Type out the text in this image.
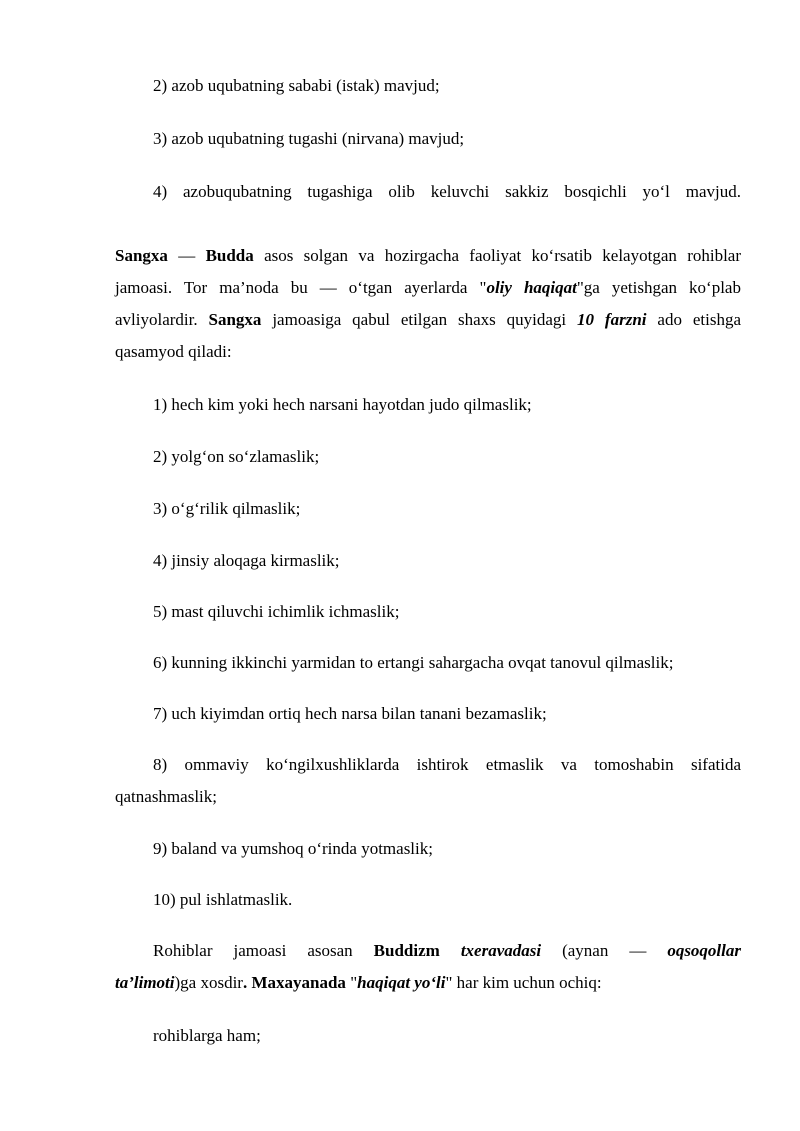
2) azob uqubatning sababi (istak) mavjud;
3) azob uqubatning tugashi (nirvana) mavjud;
4) azobuqubatning tugashiga olib keluvchi sakkiz bosqichli yo‘l mavjud.
Sangxa — Budda asos solgan va hozirgacha faoliyat ko‘rsatib kelayotgan rohiblar
jamoasi. Tor ma’noda bu — o‘tgan ayerlarda "oliy haqiqat"ga yetishgan ko‘plab
avliyolardir. Sangxa jamoasiga qabul etilgan shaxs quyidagi 10 farzni ado etishga
qasamyod qiladi:
1) hech kim yoki hech narsani hayotdan judo qilmaslik;
2) yolg‘on so‘zlamaslik;
3) o‘g‘rilik qilmaslik;
4) jinsiy aloqaga kirmaslik;
5) mast qiluvchi ichimlik ichmaslik;
6) kunning ikkinchi yarmidan to ertangi sahargacha ovqat tanovul qilmaslik;
7) uch kiyimdan ortiq hech narsa bilan tanani bezamaslik;
8) ommaviy ko‘ngilxushliklarda ishtirok etmaslik va tomoshabin sifatida
qatnashmaslik;
9) baland va yumshoq o‘rinda yotmaslik;
10) pul ishlatmaslik.
Rohiblar jamoasi asosan Buddizm txeravadasi (aynan — oqsoqollar
ta’limoti)ga xosdir. Maxayanada "haqiqat yo‘li" har kim uchun ochiq:
rohiblarga ham;
